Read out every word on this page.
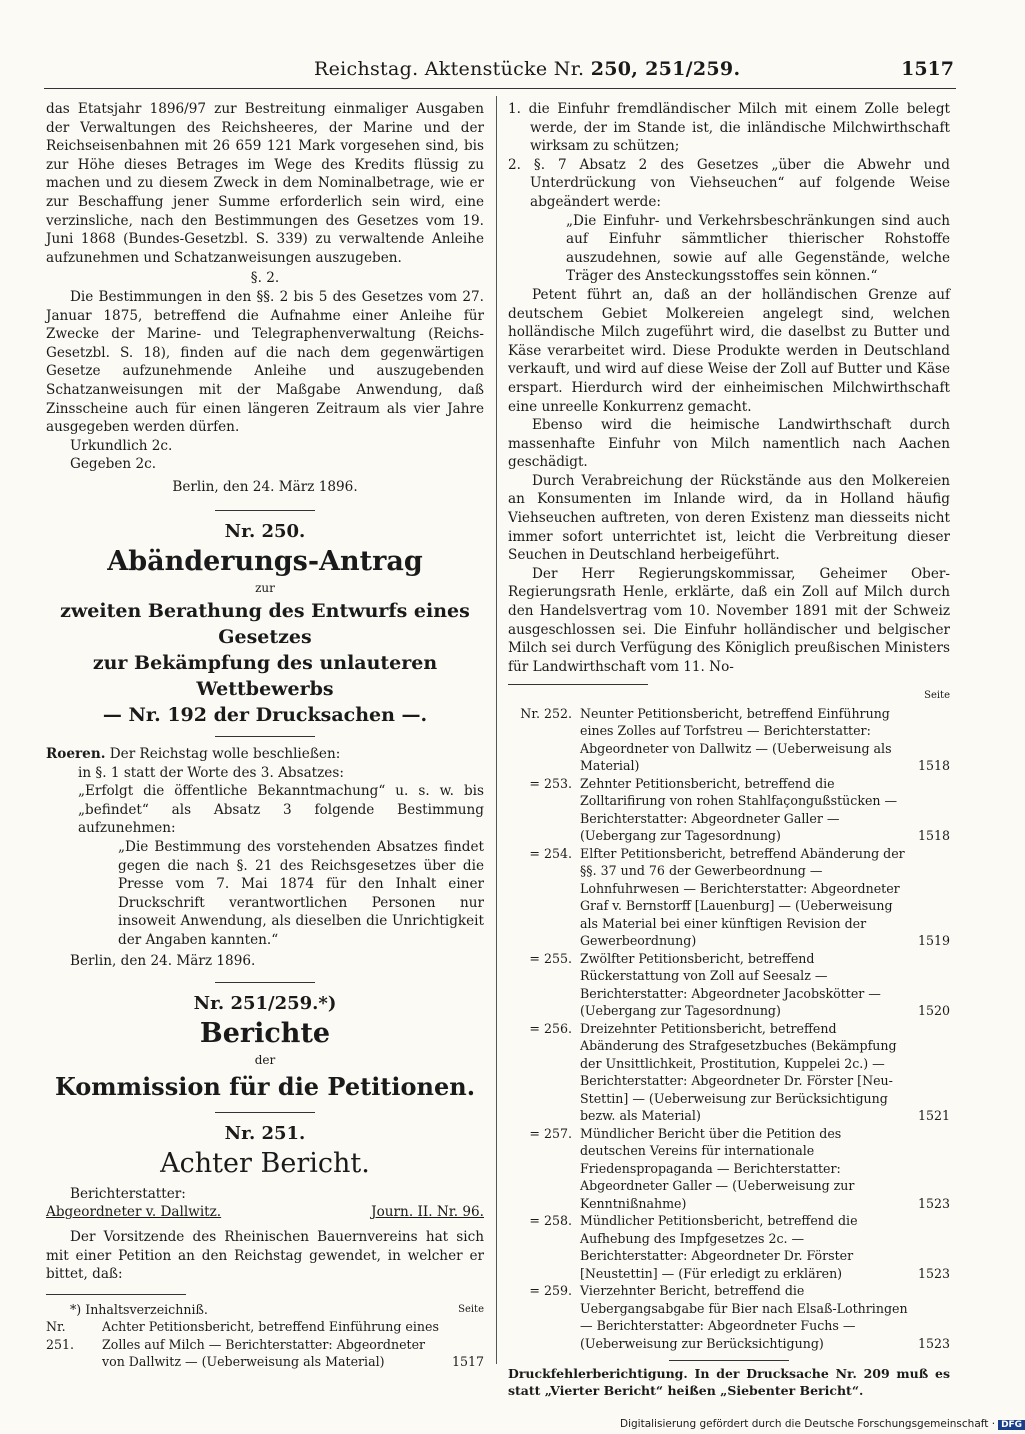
Reichstag. Aktenstücke Nr. 250, 251/259.	1517

das Etatsjahr 1896/97 zur Bestreitung einmaliger Ausgaben der Verwaltungen des Reichsheeres, der Marine und der Reichseisenbahnen mit 26 659 121 Mark vorgesehen sind, bis zur Höhe dieses Betrages im Wege des Kredits flüssig zu machen und zu diesem Zweck in dem Nominalbetrage, wie er zur Beschaffung jener Summe erforderlich sein wird, eine verzinsliche, nach den Bestimmungen des Gesetzes vom 19. Juni 1868 (Bundes-Gesetzbl. S. 339) zu verwaltende Anleihe aufzunehmen und Schatzanweisungen auszugeben.

§. 2.

Die Bestimmungen in den §§. 2 bis 5 des Gesetzes vom 27. Januar 1875, betreffend die Aufnahme einer Anleihe für Zwecke der Marine- und Telegraphenverwaltung (Reichs-Gesetzbl. S. 18), finden auf die nach dem gegenwärtigen Gesetze aufzunehmende Anleihe und auszugebenden Schatzanweisungen mit der Maßgabe Anwendung, daß Zinsscheine auch für einen längeren Zeitraum als vier Jahre ausgegeben werden dürfen.

Urkundlich 2c.

Gegeben 2c.

Berlin, den 24. März 1896.

Nr. 250.
Abänderungs-Antrag
zur
zweiten Berathung des Entwurfs eines Gesetzes
zur Bekämpfung des unlauteren Wettbewerbs
— Nr. 192 der Drucksachen —.

Roeren. Der Reichstag wolle beschließen:

in §. 1 statt der Worte des 3. Absatzes:

„Erfolgt die öffentliche Bekanntmachung“ u. s. w. bis „befindet“ als Absatz 3 folgende Bestimmung aufzunehmen:

„Die Bestimmung des vorstehenden Absatzes findet gegen die nach §. 21 des Reichsgesetzes über die Presse vom 7. Mai 1874 für den Inhalt einer Druckschrift verantwortlichen Personen nur insoweit Anwendung, als dieselben die Unrichtigkeit der Angaben kannten.“

Berlin, den 24. März 1896.

Nr. 251/259.*)
Berichte
der
Kommission für die Petitionen.
Nr. 251.
Achter Bericht.

Berichterstatter:

Abgeordneter v. Dallwitz.	Journ. II. Nr. 96.

Der Vorsitzende des Rheinischen Bauernvereins hat sich mit einer Petition an den Reichstag gewendet, in welcher er bittet, daß:

*) Inhaltsverzeichniß.	Seite
Nr. 251.
Achter Petitionsbericht, betreffend Einführung eines Zolles auf Milch — Berichterstatter: Abgeordneter von Dallwitz — (Ueberweisung als Material)	1517

1. die Einfuhr fremdländischer Milch mit einem Zolle belegt werde, der im Stande ist, die inländische Milchwirthschaft wirksam zu schützen;

2. §. 7 Absatz 2 des Gesetzes „über die Abwehr und Unterdrückung von Viehseuchen“ auf folgende Weise abgeändert werde:

„Die Einfuhr- und Verkehrsbeschränkungen sind auch auf Einfuhr sämmtlicher thierischer Rohstoffe auszudehnen, sowie auf alle Gegenstände, welche Träger des Ansteckungsstoffes sein können.“

Petent führt an, daß an der holländischen Grenze auf deutschem Gebiet Molkereien angelegt sind, welchen holländische Milch zugeführt wird, die daselbst zu Butter und Käse verarbeitet wird. Diese Produkte werden in Deutschland verkauft, und wird auf diese Weise der Zoll auf Butter und Käse erspart. Hierdurch wird der einheimischen Milchwirthschaft eine unreelle Konkurrenz gemacht.

Ebenso wird die heimische Landwirthschaft durch massenhafte Einfuhr von Milch namentlich nach Aachen geschädigt.

Durch Verabreichung der Rückstände aus den Molkereien an Konsumenten im Inlande wird, da in Holland häufig Viehseuchen auftreten, von deren Existenz man diesseits nicht immer sofort unterrichtet ist, leicht die Verbreitung dieser Seuchen in Deutschland herbeigeführt.

Der Herr Regierungskommissar, Geheimer Ober-Regierungsrath Henle, erklärte, daß ein Zoll auf Milch durch den Handelsvertrag vom 10. November 1891 mit der Schweiz ausgeschlossen sei. Die Einfuhr holländischer und belgischer Milch sei durch Verfügung des Königlich preußischen Ministers für Landwirthschaft vom 11. No-

Seite
Nr. 252. Neunter Petitionsbericht, betreffend Einführung eines Zolles auf Torfstreu — Berichterstatter: Abgeordneter von Dallwitz — (Ueberweisung als Material)	1518
= 253. Zehnter Petitionsbericht, betreffend die Zolltarifirung von rohen Stahlfaçongußstücken — Berichterstatter: Abgeordneter Galler — (Uebergang zur Tagesordnung)	1518
= 254. Elfter Petitionsbericht, betreffend Abänderung der §§. 37 und 76 der Gewerbeordnung — Lohnfuhrwesen — Berichterstatter: Abgeordneter Graf v. Bernstorff [Lauenburg] — (Ueberweisung als Material bei einer künftigen Revision der Gewerbeordnung)	1519
= 255. Zwölfter Petitionsbericht, betreffend Rückerstattung von Zoll auf Seesalz — Berichterstatter: Abgeordneter Jacobskötter — (Uebergang zur Tagesordnung)	1520
= 256. Dreizehnter Petitionsbericht, betreffend Abänderung des Strafgesetzbuches (Bekämpfung der Unsittlichkeit, Prostitution, Kuppelei 2c.) — Berichterstatter: Abgeordneter Dr. Förster [Neu-Stettin] — (Ueberweisung zur Berücksichtigung bezw. als Material)	1521
= 257. Mündlicher Bericht über die Petition des deutschen Vereins für internationale Friedenspropaganda — Berichterstatter: Abgeordneter Galler — (Ueberweisung zur Kenntnißnahme)	1523
= 258. Mündlicher Petitionsbericht, betreffend die Aufhebung des Impfgesetzes 2c. — Berichterstatter: Abgeordneter Dr. Förster [Neustettin] — (Für erledigt zu erklären)	1523
= 259. Vierzehnter Bericht, betreffend die Uebergangsabgabe für Bier nach Elsaß-Lothringen — Berichterstatter: Abgeordneter Fuchs — (Ueberweisung zur Berücksichtigung)	1523

Druckfehlerberichtigung. In der Drucksache Nr. 209 muß es statt „Vierter Bericht“ heißen „Siebenter Bericht“.

Digitalisierung gefördert durch die Deutsche Forschungsgemeinschaft · DFG
